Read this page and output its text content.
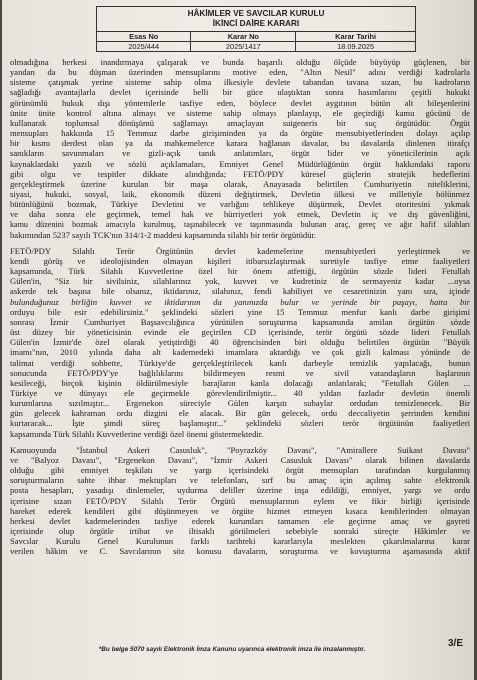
HÂKİMLER VE SAVCILAR KURULU
İKİNCİ DAİRE KARARI		

Esas No	Karar No	Karar Tarihi
2025/444	2025/1417	18.09.2025
olmadığına herkesi inandırmaya çalışarak ve bunda başarılı olduğu ölçüde büyüyüp güçlenen, bir
yandan da bu düşman üzerinden mensuplarını motive eden, "Altın Nesil" adını verdiği kadrolarla
sisteme çatışmak yerine sisteme sahip olma ilkesiyle devlete tabandan tavana sızan, bu kadroların
sağladığı avantajlarla devlet içerisinde belli bir güce ulaştıktan sonra hasımlarını çeşitli hukuki
görünümlü hukuk dışı yöntemlerle tasfiye eden, böylece devlet aygıtının bütün alt bileşenlerini
ünite ünite kontrol altına almayı ve sisteme sahip olmayı planlayıp, ele geçirdiği kamu gücünü de
kullanarak toplumsal dönüşümü sağlamayı amaçlayan suigeneris bir suç örgütüdür. Örgüt
mensupları hakkında 15 Temmuz darbe girişiminden ya da örgüte mensubiyetlerinden dolayı açılıp
bir kısmı derdest olan ya da mahkemelerce karara bağlanan davalar, bu davalarda dinlenen itirafçı
sanıkların savunmaları ve gizli-açık tanık anlatımları, örgüt lider ve yöneticilerinin açık
kaynaklardaki yazılı ve sözlü açıklamaları, Emniyet Genel Müdürlüğünün örgüt hakkındaki raporu
gibi olgu ve tespitler dikkate alındığında; FETÖ/PDY küresel güçlerin stratejik hedeflerini
gerçekleştirmek üzerine kurulan bir maşa olarak, Anayasada belirtilen Cumhuriyetin niteliklerini,
siyasi, hukuki, sosyal, laik, ekonomik düzeni değiştirmek, Devletin ülkesi ve milletiyle bölünmez
bütünlüğünü bozmak, Türkiye Devletini ve varlığını tehlikeye düşürmek, Devlet otoritesini yıkmak
ve daha sonra ele geçirmek, temel hak ve hürriyetleri yok etmek, Devletin iç ve dış güvenliğini,
kamu düzenini bozmak amacıyla kurulmuş, taşınabilecek ve taşınmasında bulunan araç, gereç ve ağır hafif silahları
bakımından 5237 sayılı TCK'nın 314/1-2 maddesi kapsamında silahlı bir terör örgütüdür.
FETÖ/PDY Silahlı Terör Örgütünün devlet kademelerine mensubiyetleri yerleştirmek ve
kendi görüş ve ideolojisinden olmayan kişileri itibarsızlaştırmak suretiyle tasfiye etme faaliyetleri
kapsamında, Türk Silahlı Kuvvetlerine özel bir önem atfettiği, örgütün sözde lideri Fetullah
Gülen'in, "Siz bir sivilsiniz, silahlarınız yok, kuvvet ve kudretiniz de sermayeniz kadar ...oysa
askerde tek başına bile olsanız, iktidarınız, silahınız, fendi kabiliyet ve cesaretinizin yanı sıra, içinde
bulunduğunuz birliğin kuvvet ve iktidarının da yanınızda bulur ve yerinde bir paşayı, hatta bir
orduyu bile esir edebilirsiniz." şeklindeki sözleri yine 15 Temmuz menfur kanlı darbe girişimi
sonrası İzmir Cumhuriyet Başsavcılığınca yürütülen soruşturma kapsamında amilan örgütün sözde
üst düzey bir yöneticisinin evinde ele geçirilen CD içerisinde, terör örgütü sözde lideri Fetullah
Gülen'in İzmir'de özel olarak yetiştirdiği 40 öğrencisinden biri olduğu belirtilen örgütün "Büyük
imamı"nın, 2010 yılında daha alt kademedeki imamlara aktardığı ve çok gizli kalması yönünde de
talimat verdiği sohbette, Türkiye'de gerçekleştirilecek kanlı darbeyle temizlik yapılacağı, bunun
sonucunda FETÖ/PDY'ye bağlılıklarını bildirmeyen resmi ve sivil vatandaşların başlarının
kesileceği, birçok kişinin öldürülmesiyle barajların kanla dolacağı anlatılarak; "Fetullah Gülen ...
Türkiye ve dünyayı ele geçirmekle görevlendirilmiştir... 40 yıldan fazladır devletin önemli
kurumlarına sızılmıştır... Ergenekon süreciyle Gülen karşıtı subaylar ordudan temizlenecek. Bir
gün gelecek kahraman ordu dizgini ele alacak. Bir gün gelecek, ordu deccaliyetin şerrinden kendini
kurtaracak... İşte şimdi süreç başlamıştır..." şeklindeki sözleri terör örgütünün faaliyetleri
kapsamında Türk Silahlı Kuvvetlerine verdiği özel önemi göstermektedir.
Kamuoyunda "İstanbul Askeri Casusluk", "Poyrazköy Davası", "Amirallere Suikast Davası"
ve "Balyoz Davası", "Ergenekon Davası", "İzmir Askeri Casusluk Davası" olarak bilinen davalarda
olduğu gibi emniyet teşkilatı ve yargı içerisindeki örgüt mensupları tarafından kurgulanmış
soruşturmaların sahte ihbar mektupları ve telefonları, sırf bu amaç için açılmış sahte elektronik
posta hesapları, yasadışı dinlemeler, uydurma deliller üzerine inşa edildiği, emniyet, yargı ve ordu
içerisine sızan FETÖ/PDY Silahlı Terör Örgütü mensuplarının eylem ve fikir birliği içerisinde
hareket ederek kendileri gibi düşünmeyen ve örgüte hizmet etmeyen kısaca kendilerinden olmayan
herkesi devlet kademelerinden tasfiye ederek kurumları tamamen ele geçirme amaç ve gayreti
içerisinde olup örgütle irtibat ve iltisaklı görülmeleri sebebiyle sonraki süreçte Hâkimler ve
Savcılar Kurulu Genel Kurulunun farklı tarihteki kararlarıyla meslekten çıkarılmalarına karar
verilen hâkim ve C. Savcılarının söz konusu davaların, soruşturma ve kovuşturma aşamasında aktif
3/E
*Bu belge 5070 sayılı Elektronik İmza Kanunu uyarınca elektronik imza ile imzalanmıştır.
